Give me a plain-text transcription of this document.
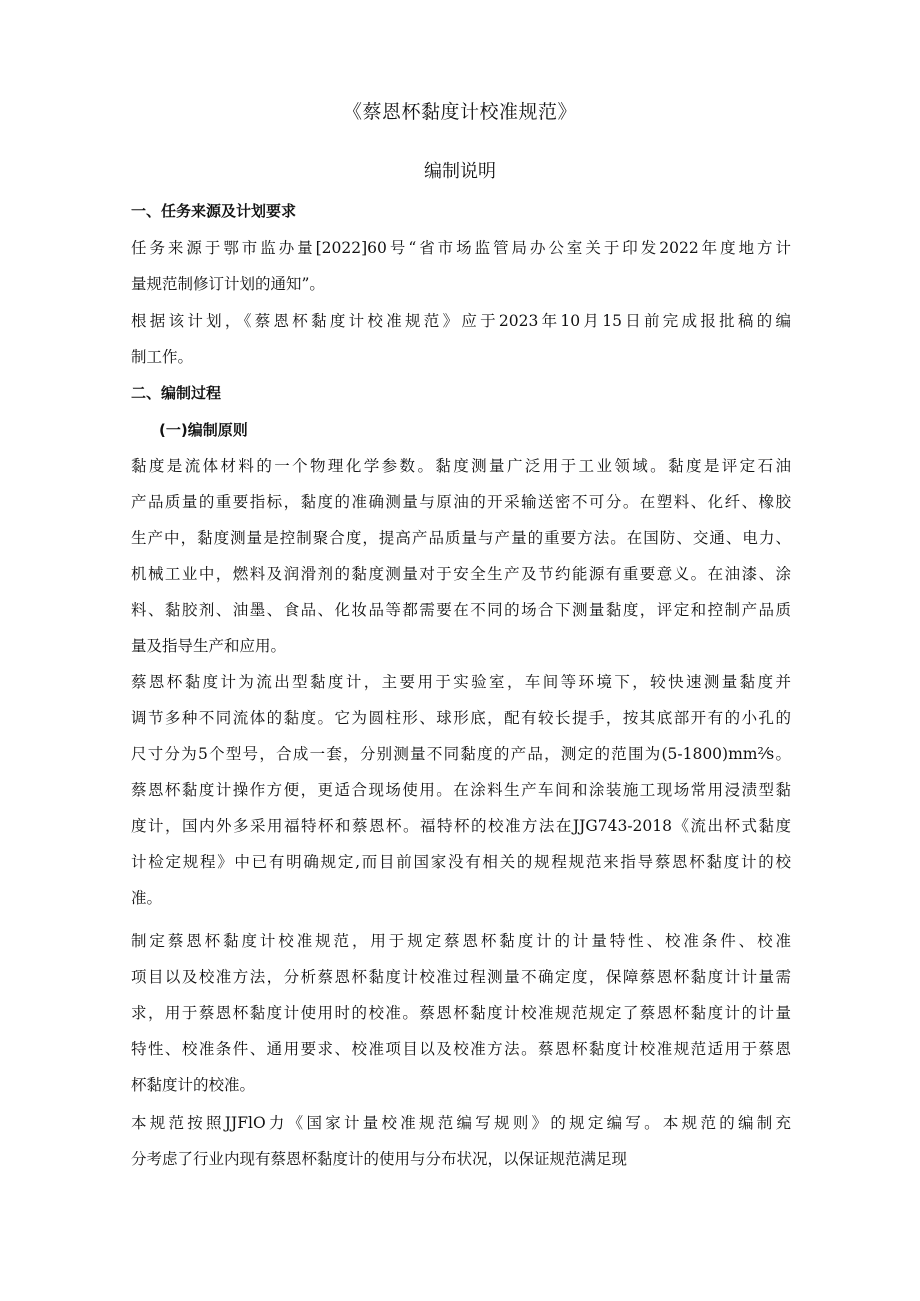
《蔡恩杯黏度计校准规范》
编制说明
一、任务来源及计划要求
任务来源于鄂市监办量[2022]60号“省市场监管局办公室关于印发2022年度地方计
量规范制修订计划的通知”。
根据该计划，《蔡恩杯黏度计校准规范》应于2023年10月15日前完成报批稿的编
制工作。
二、编制过程
(一)编制原则
黏度是流体材料的一个物理化学参数。黏度测量广泛用于工业领域。黏度是评定石油
产品质量的重要指标，黏度的准确测量与原油的开采输送密不可分。在塑料、化纤、橡胶
生产中，黏度测量是控制聚合度，提高产品质量与产量的重要方法。在国防、交通、电力、
机械工业中，燃料及润滑剂的黏度测量对于安全生产及节约能源有重要意义。在油漆、涂
料、黏胶剂、油墨、食品、化妆品等都需要在不同的场合下测量黏度，评定和控制产品质
量及指导生产和应用。
蔡恩杯黏度计为流出型黏度计，主要用于实验室，车间等环境下，较快速测量黏度并
调节多种不同流体的黏度。它为圆柱形、球形底，配有较长提手，按其底部开有的小孔的
尺寸分为5个型号，合成一套，分别测量不同黏度的产品，测定的范围为(5-1800)mm²⁄s。
蔡恩杯黏度计操作方便，更适合现场使用。在涂料生产车间和涂装施工现场常用浸渍型黏
度计，国内外多采用福特杯和蔡恩杯。福特杯的校准方法在JJG743-2018《流出杯式黏度
计检定规程》中已有明确规定,而目前国家没有相关的规程规范来指导蔡恩杯黏度计的校
准。
制定蔡恩杯黏度计校准规范，用于规定蔡恩杯黏度计的计量特性、校准条件、校准
项目以及校准方法，分析蔡恩杯黏度计校准过程测量不确定度，保障蔡恩杯黏度计计量需
求，用于蔡恩杯黏度计使用时的校准。蔡恩杯黏度计校准规范规定了蔡恩杯黏度计的计量
特性、校准条件、通用要求、校准项目以及校准方法。蔡恩杯黏度计校准规范适用于蔡恩
杯黏度计的校准。
本规范按照JJFlO力《国家计量校准规范编写规则》的规定编写。本规范的编制充
分考虑了行业内现有蔡恩杯黏度计的使用与分布状况，以保证规范满足现
